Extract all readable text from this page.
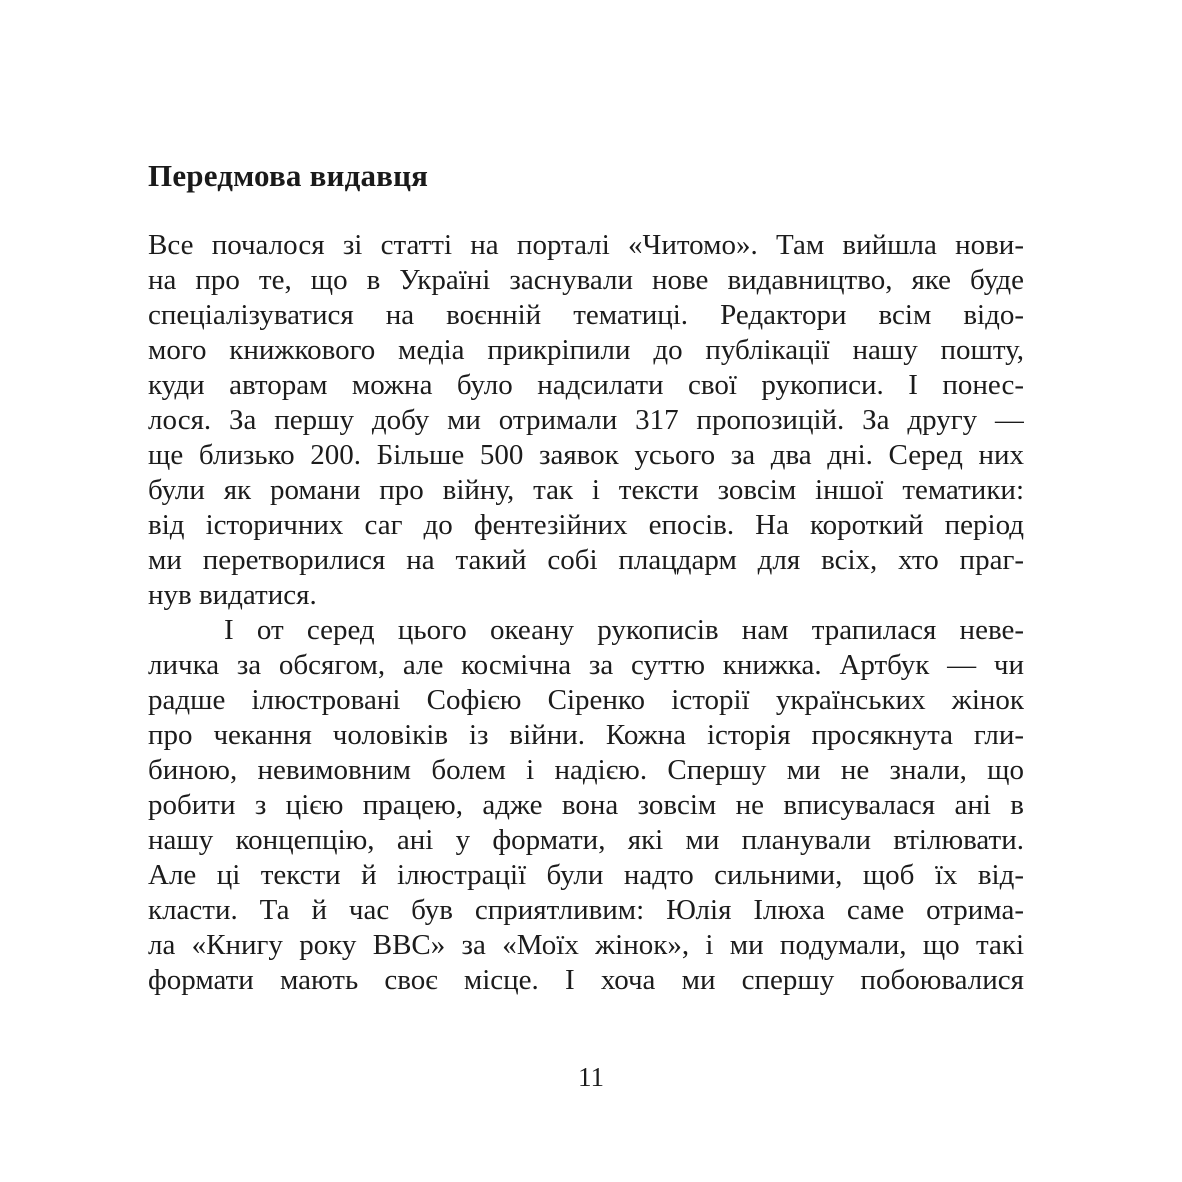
Передмова видавця
Все почалося зі статті на порталі «Читомо». Там вийшла нови-
на про те, що в Україні заснували нове видавництво, яке буде
спеціалізуватися на воєнній тематиці. Редактори всім відо-
мого книжкового медіа прикріпили до публікації нашу пошту,
куди авторам можна було надсилати свої рукописи. І понес-
лося. За першу добу ми отримали 317 пропозицій. За другу —
ще близько 200. Більше 500 заявок усього за два дні. Серед них
були як романи про війну, так і тексти зовсім іншої тематики:
від історичних саг до фентезійних епосів. На короткий період
ми перетворилися на такий собі плацдарм для всіх, хто праг-
нув видатися.
І от серед цього океану рукописів нам трапилася неве-
личка за обсягом, але космічна за суттю книжка. Артбук — чи
радше ілюстровані Софією Сіренко історії українських жінок
про чекання чоловіків із війни. Кожна історія просякнута гли-
биною, невимовним болем і надією. Спершу ми не знали, що
робити з цією працею, адже вона зовсім не вписувалася ані в
нашу концепцію, ані у формати, які ми планували втілювати.
Але ці тексти й ілюстрації були надто сильними, щоб їх від-
класти. Та й час був сприятливим: Юлія Ілюха саме отрима-
ла «Книгу року ВВС» за «Моїх жінок», і ми подумали, що такі
формати мають своє місце. І хоча ми спершу побоювалися
11
